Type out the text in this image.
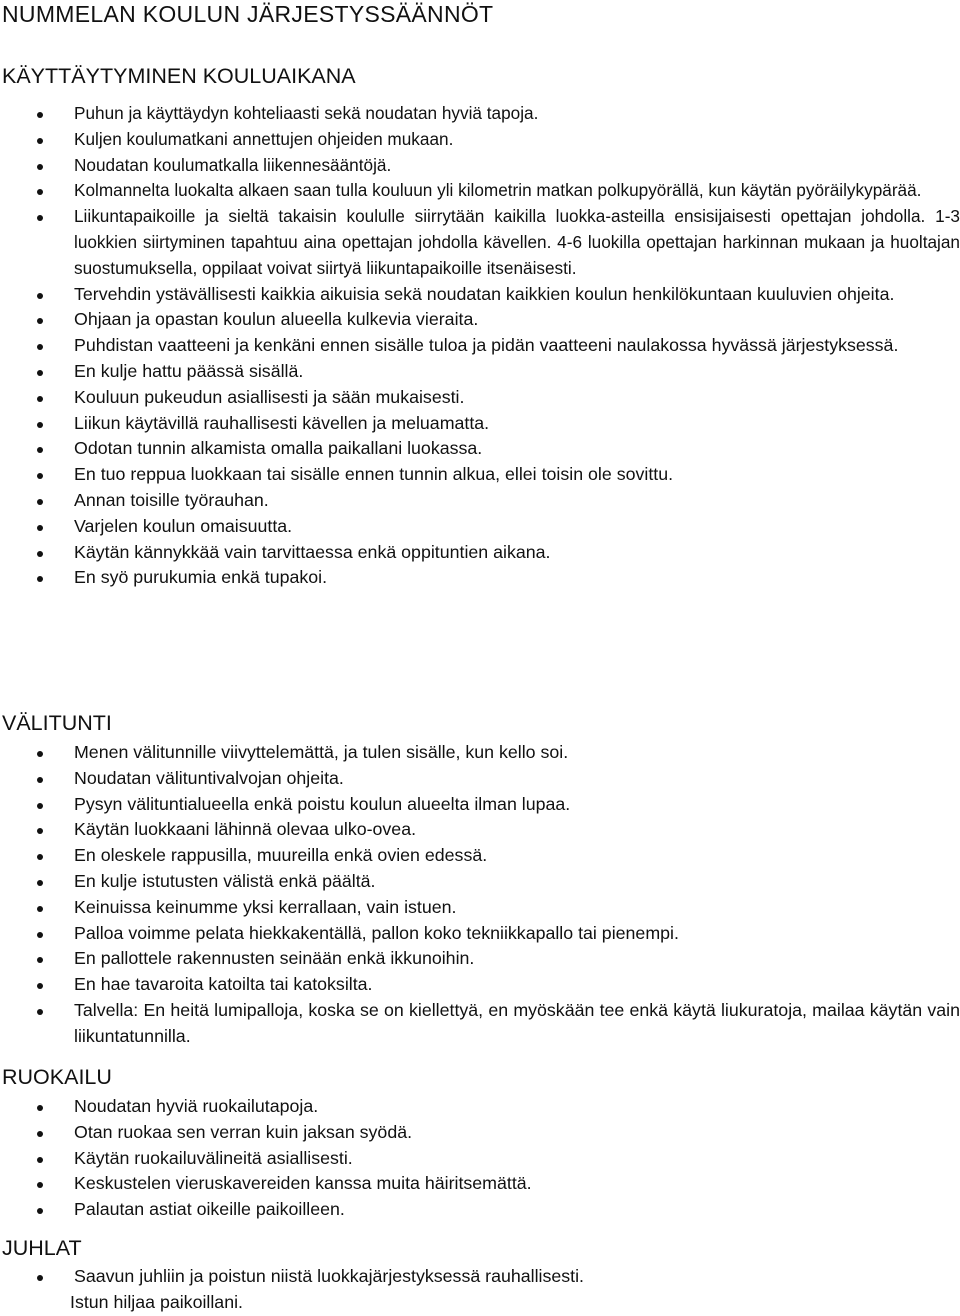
NUMMELAN KOULUN JÄRJESTYSSÄÄNNÖT
KÄYTTÄYTYMINEN KOULUAIKANA
Puhun ja käyttäydyn kohteliaasti sekä noudatan hyviä tapoja.
Kuljen koulumatkani annettujen ohjeiden mukaan.
Noudatan koulumatkalla liikennesääntöjä.
Kolmannelta luokalta alkaen saan tulla kouluun yli kilometrin matkan polkupyörällä, kun käytän pyöräilykypärää.
Liikuntapaikoille ja sieltä takaisin koululle siirrytään kaikilla luokka-asteilla ensisijaisesti opettajan johdolla. 1-3 luokkien siirtyminen tapahtuu aina opettajan johdolla kävellen. 4-6 luokilla opettajan harkinnan mukaan ja huoltajan suostumuksella, oppilaat voivat siirtyä liikuntapaikoille itsenäisesti.
Tervehdin ystävällisesti kaikkia aikuisia sekä noudatan kaikkien koulun henkilökuntaan kuuluvien ohjeita.
Ohjaan ja opastan koulun alueella kulkevia vieraita.
Puhdistan vaatteeni ja kenkäni ennen sisälle tuloa ja pidän vaatteeni naulakossa hyvässä järjestyksessä.
En kulje hattu päässä sisällä.
Kouluun pukeudun asiallisesti ja sään mukaisesti.
Liikun käytävillä rauhallisesti kävellen ja meluamatta.
Odotan tunnin alkamista omalla paikallani luokassa.
En tuo reppua luokkaan tai sisälle ennen tunnin alkua, ellei toisin ole sovittu.
Annan toisille työrauhan.
Varjelen koulun omaisuutta.
Käytän kännykkää vain tarvittaessa enkä oppituntien aikana.
En syö purukumia enkä tupakoi.
VÄLITUNTI
Menen välitunnille viivyttelemättä, ja tulen sisälle, kun kello soi.
Noudatan välituntivalvojan ohjeita.
Pysyn välituntialueella enkä poistu koulun alueelta ilman lupaa.
Käytän luokkaani lähinnä olevaa ulko-ovea.
En oleskele rappusilla, muureilla enkä ovien edessä.
En kulje istutusten välistä enkä päältä.
Keinuissa keinumme yksi kerrallaan, vain istuen.
Palloa voimme pelata hiekkakentällä, pallon koko tekniikkapallo tai pienempi.
En pallottele rakennusten seinään enkä ikkunoihin.
En hae tavaroita katoilta tai katoksilta.
Talvella: En heitä lumipalloja, koska se on kiellettyä, en myöskään tee enkä käytä liukuratoja, mailaa käytän vain liikuntatunnilla.
RUOKAILU
Noudatan hyviä ruokailutapoja.
Otan ruokaa sen verran kuin jaksan syödä.
Käytän ruokailuvälineitä asiallisesti.
Keskustelen vieruskavereiden kanssa muita häiritsemättä.
Palautan astiat oikeille paikoilleen.
JUHLAT
Saavun juhliin ja poistun niistä luokkajärjestyksessä rauhallisesti.
Istun hiljaa paikoillani.
